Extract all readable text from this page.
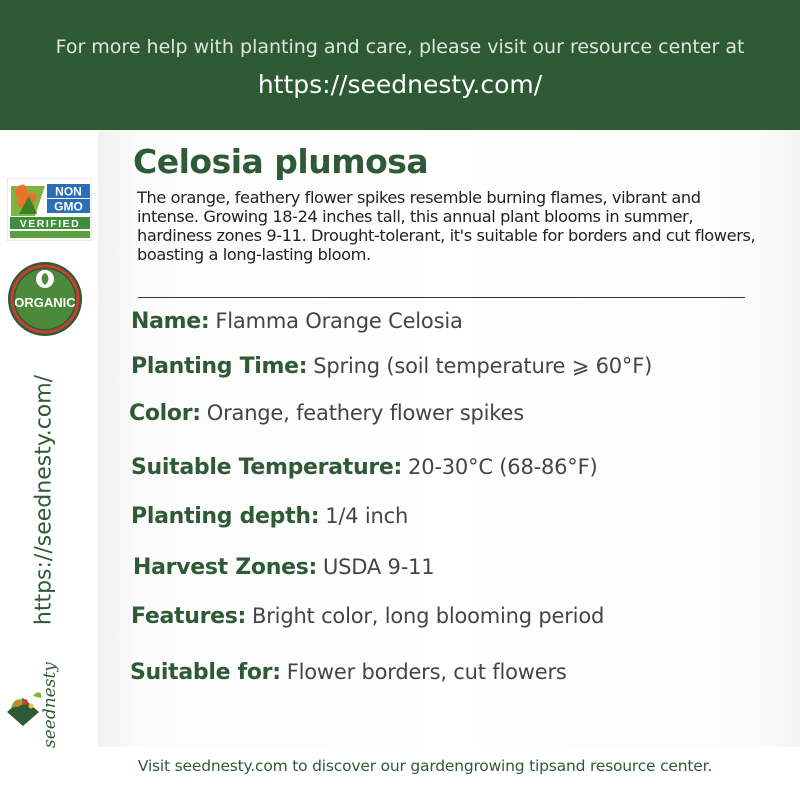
For more help with planting and care, please visit our resource center at
https://seednesty.com/
NON
GMO
VERIFIED
ORGANIC
https://seednesty.com/
seednesty
Celosia plumosa
The orange, feathery flower spikes resemble burning flames, vibrant and intense. Growing 18-24 inches tall, this annual plant blooms in summer, hardiness zones 9-11. Drought-tolerant, it's suitable for borders and cut flowers, boasting a long-lasting bloom.
Name: Flamma Orange Celosia
Planting Time: Spring (soil temperature ⩾ 60°F)
Color: Orange, feathery flower spikes
Suitable Temperature: 20-30°C (68-86°F)
Planting depth: 1/4 inch
Harvest Zones: USDA 9-11
Features: Bright color, long blooming period
Suitable for: Flower borders, cut flowers
Visit seednesty.com to discover our gardengrowing tipsand resource center.
